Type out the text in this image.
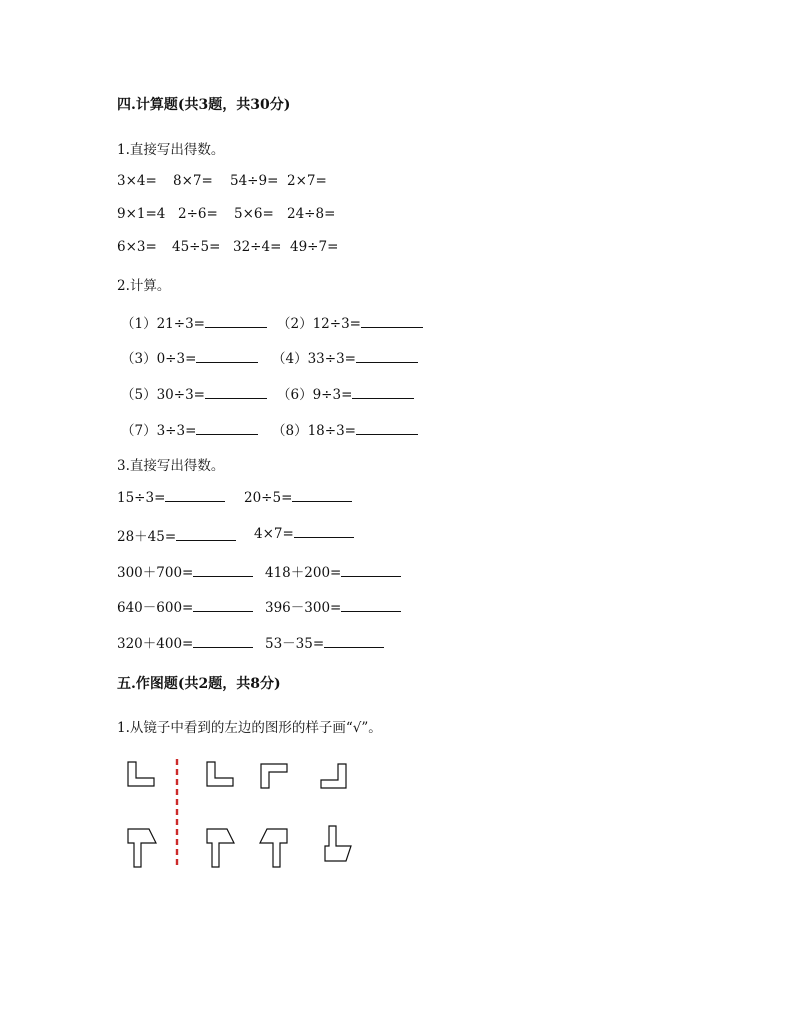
四.计算题(共3题，共30分)
1.直接写出得数。
3×4= 8×7= 54÷9= 2×7=
9×1=4 2÷6= 5×6= 24÷8=
6×3= 45÷5= 32÷4= 49÷7=
2.计算。
（1）21÷3=	（2）12÷3=
（3）0÷3=	（4）33÷3=
（5）30÷3=	（6）9÷3=
（7）3÷3=	（8）18÷3=
3.直接写出得数。
15÷3=	20÷5=
28＋45=	4×7=
300＋700=	418＋200=
640－600=	396－300=
320＋400=	53－35=
五.作图题(共2题，共8分)
1.从镜子中看到的左边的图形的样子画“√”。
